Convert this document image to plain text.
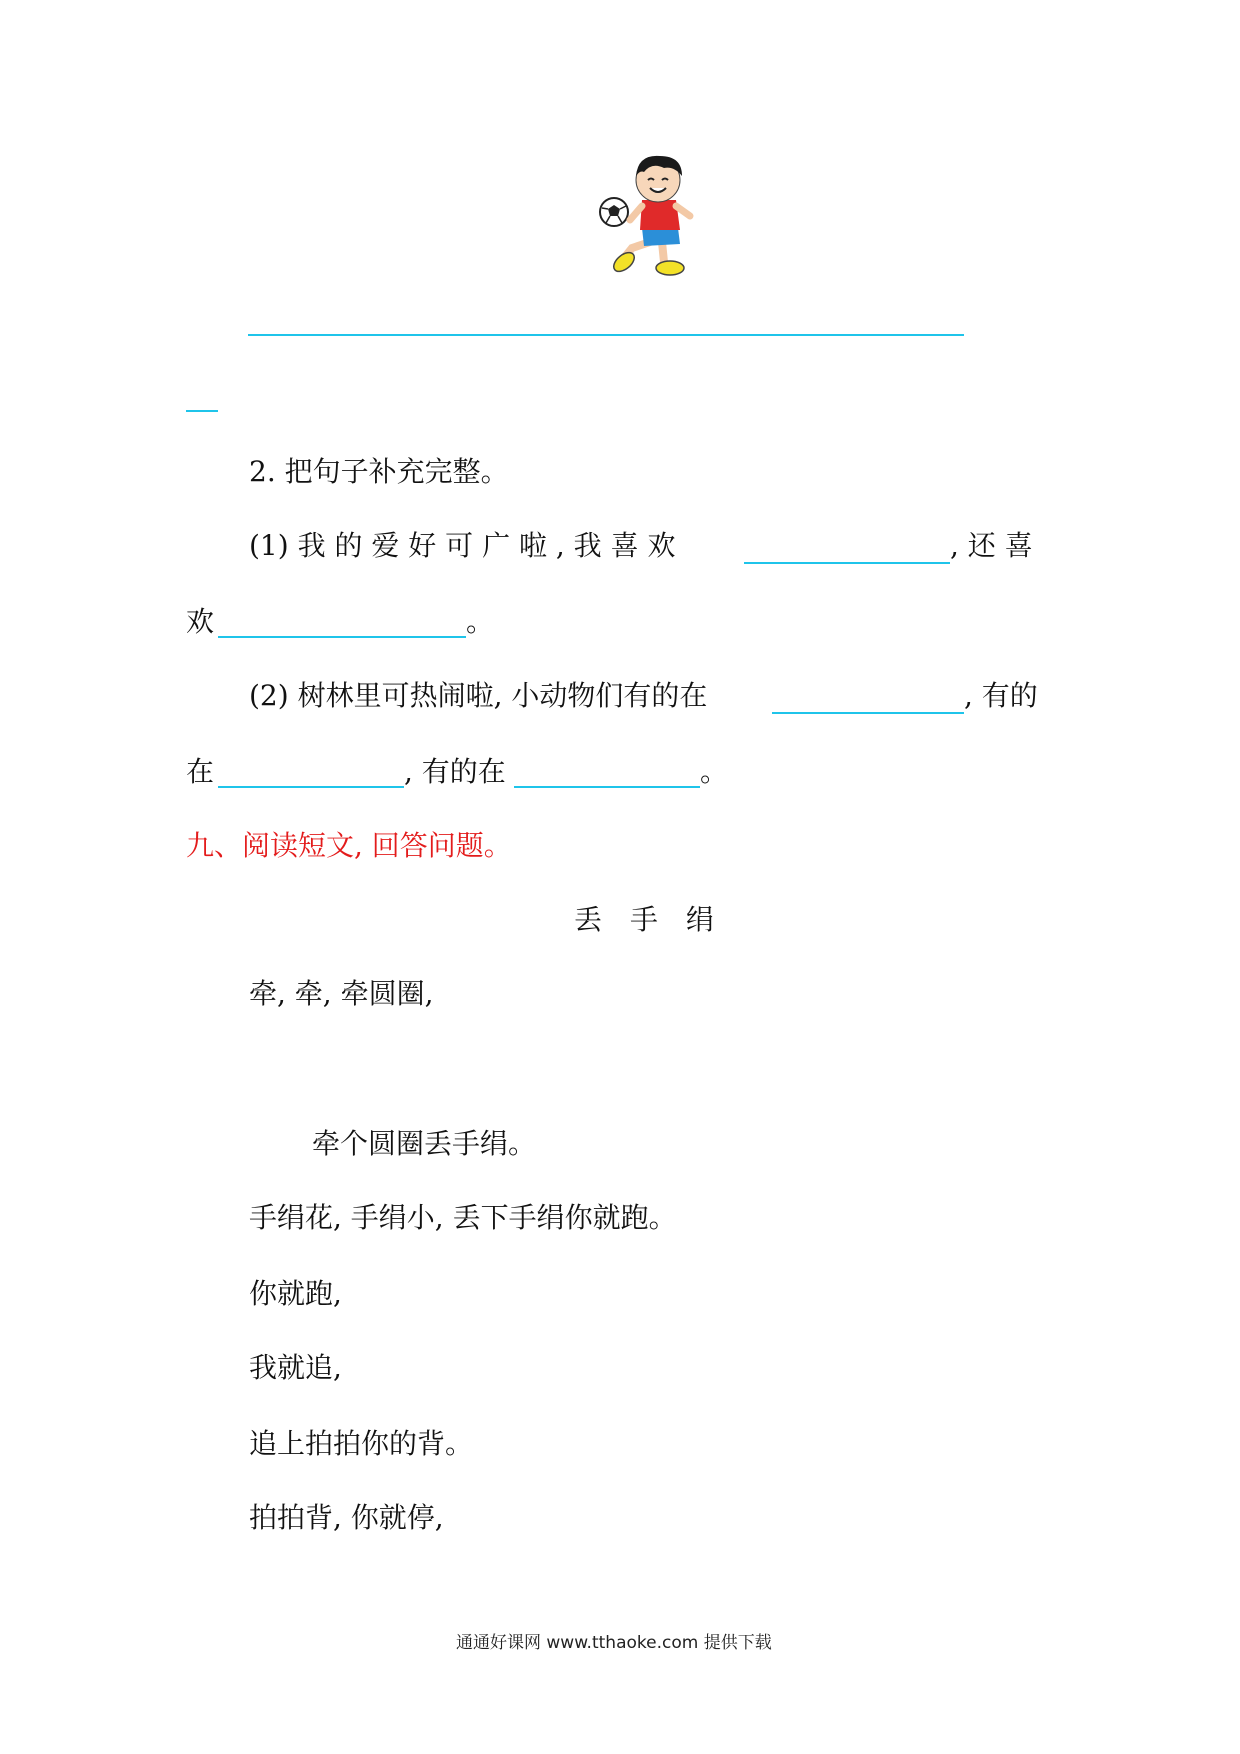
2. 把句子补充完整。
(1) 我 的 爱 好 可 广 啦 , 我 喜 欢	, 还 喜
欢	。
(2) 树林里可热闹啦, 小动物们有的在	, 有的
在	, 有的在	。
九、阅读短文, 回答问题。
丢　手　绢
牵, 牵, 牵圆圈,
牵个圆圈丢手绢。
手绢花, 手绢小, 丢下手绢你就跑。
你就跑,
我就追,
追上拍拍你的背。
拍拍背, 你就停,
通通好课网 www.tthaoke.com 提供下载
